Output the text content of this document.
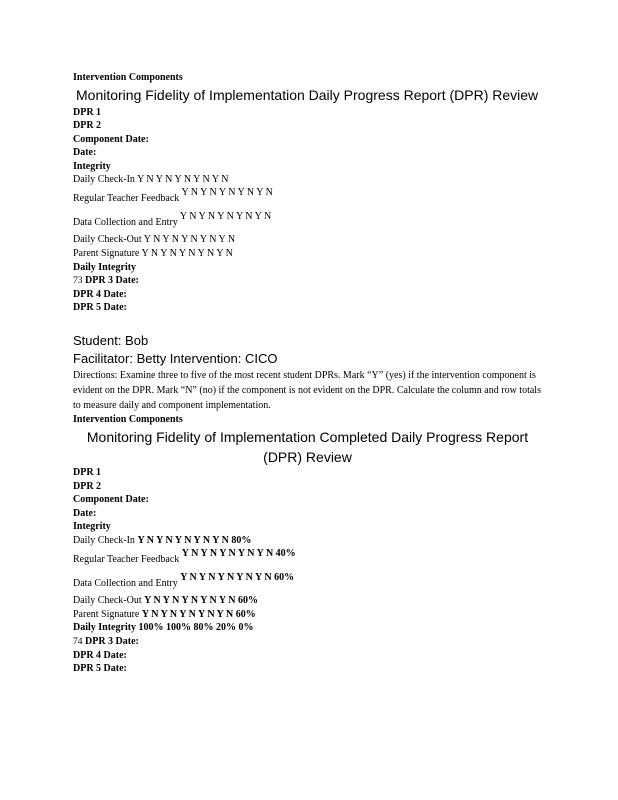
Intervention Components
Monitoring Fidelity of Implementation Daily Progress Report (DPR) Review
DPR 1
DPR 2
Component Date:
Date:
Integrity
Daily Check-In Y N Y N Y N Y N Y N
Regular Teacher Feedback Y N Y N Y N Y N Y N
Data Collection and Entry Y N Y N Y N Y N Y N
Daily Check-Out Y N Y N Y N Y N Y N
Parent Signature Y N Y N Y N Y N Y N
Daily Integrity
73 DPR 3 Date:
DPR 4 Date:
DPR 5 Date:
Student: Bob
Facilitator: Betty Intervention: CICO
Directions: Examine three to five of the most recent student DPRs. Mark “Y” (yes) if the intervention component is evident on the DPR. Mark “N” (no) if the component is not evident on the DPR. Calculate the column and row totals to measure daily and component implementation.
Intervention Components
Monitoring Fidelity of Implementation Completed Daily Progress Report
(DPR) Review
DPR 1
DPR 2
Component Date:
Date:
Integrity
Daily Check-In Y N Y N Y N Y N Y N 80%
Regular Teacher Feedback Y N Y N Y N Y N Y N 40%
Data Collection and Entry Y N Y N Y N Y N Y N 60%
Daily Check-Out Y N Y N Y N Y N Y N 60%
Parent Signature Y N Y N Y N Y N Y N 60%
Daily Integrity 100% 100% 80% 20% 0%
74 DPR 3 Date:
DPR 4 Date:
DPR 5 Date:
